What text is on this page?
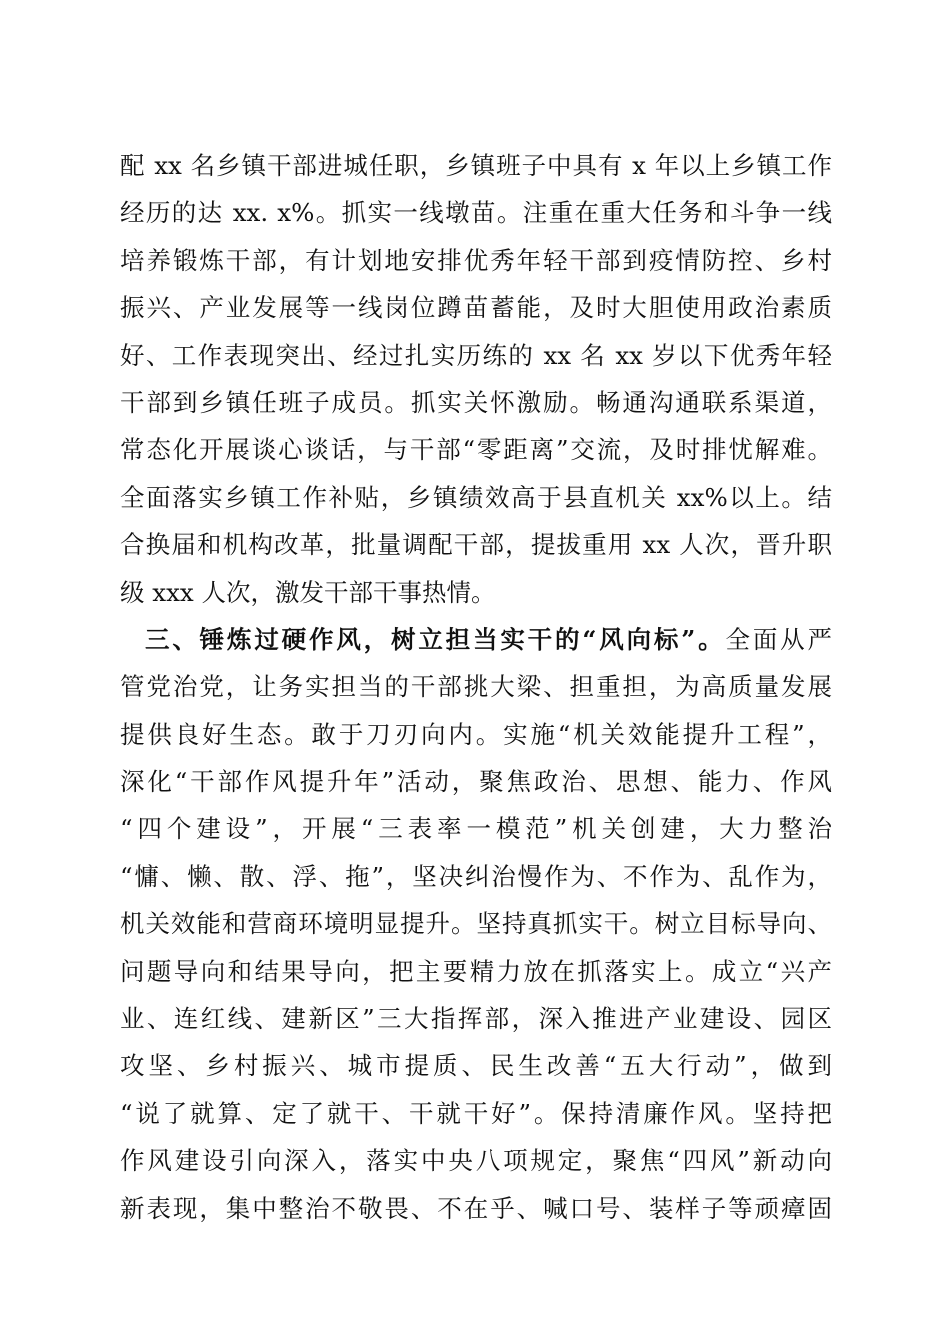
配 xx 名乡镇干部进城任职，乡镇班子中具有 x 年以上乡镇工作
经历的达 xx. x%。抓实一线墩苗。注重在重大任务和斗争一线
培养锻炼干部，有计划地安排优秀年轻干部到疫情防控、乡村
振兴、产业发展等一线岗位蹲苗蓄能，及时大胆使用政治素质
好、工作表现突出、经过扎实历练的 xx 名 xx 岁以下优秀年轻
干部到乡镇任班子成员。抓实关怀激励。畅通沟通联系渠道，
常态化开展谈心谈话，与干部“零距离”交流，及时排忧解难。
全面落实乡镇工作补贴，乡镇绩效高于县直机关 xx%以上。结
合换届和机构改革，批量调配干部，提拔重用 xx 人次，晋升职
级 xxx 人次，激发干部干事热情。
三、锤炼过硬作风，树立担当实干的“风向标”。全面从严
管党治党，让务实担当的干部挑大梁、担重担，为高质量发展
提供良好生态。敢于刀刃向内。实施“机关效能提升工程”，
深化“干部作风提升年”活动，聚焦政治、思想、能力、作风
“四个建设”，开展“三表率一模范”机关创建，大力整治
“慵、懒、散、浮、拖”，坚决纠治慢作为、不作为、乱作为，
机关效能和营商环境明显提升。坚持真抓实干。树立目标导向、
问题导向和结果导向，把主要精力放在抓落实上。成立“兴产
业、连红线、建新区”三大指挥部，深入推进产业建设、园区
攻坚、乡村振兴、城市提质、民生改善“五大行动”，做到
“说了就算、定了就干、干就干好”。保持清廉作风。坚持把
作风建设引向深入，落实中央八项规定，聚焦“四风”新动向
新表现，集中整治不敬畏、不在乎、喊口号、装样子等顽瘴固
